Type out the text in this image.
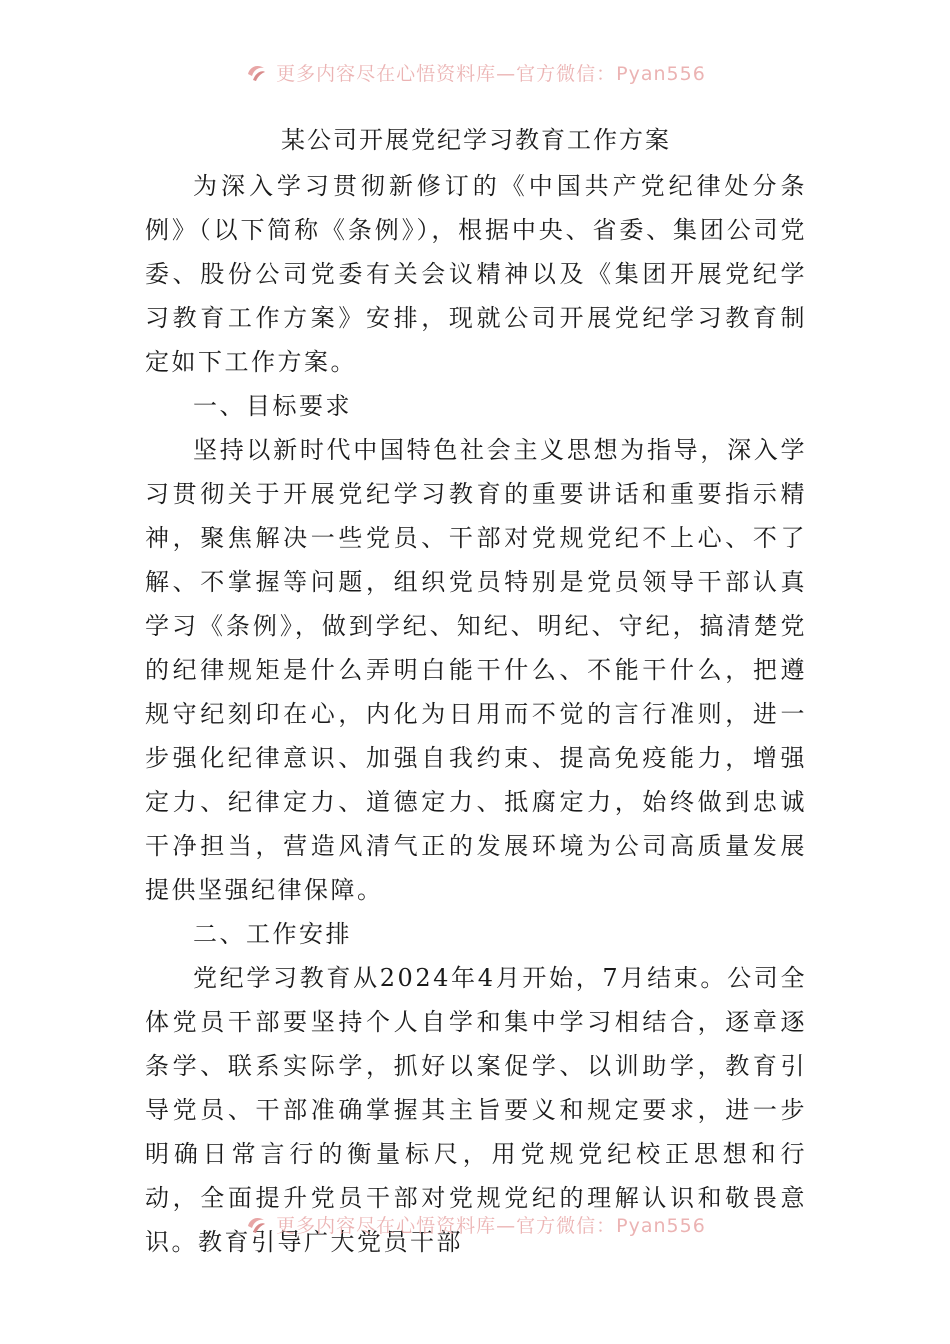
更多内容尽在心悟资料库—官方微信：Pyan556
某公司开展党纪学习教育工作方案

为深入学习贯彻新修订的《中国共产党纪律处分条例》（以下简称《条例》），根据中央、省委、集团公司党委、股份公司党委有关会议精神以及《集团开展党纪学习教育工作方案》安排，现就公司开展党纪学习教育制定如下工作方案。

一、目标要求

坚持以新时代中国特色社会主义思想为指导，深入学习贯彻关于开展党纪学习教育的重要讲话和重要指示精神，聚焦解决一些党员、干部对党规党纪不上心、不了解、不掌握等问题，组织党员特别是党员领导干部认真学习《条例》，做到学纪、知纪、明纪、守纪，搞清楚党的纪律规矩是什么弄明白能干什么、不能干什么，把遵规守纪刻印在心，内化为日用而不觉的言行准则，进一步强化纪律意识、加强自我约束、提高免疫能力，增强定力、纪律定力、道德定力、抵腐定力，始终做到忠诚干净担当，营造风清气正的发展环境为公司高质量发展提供坚强纪律保障。

二、工作安排

党纪学习教育从2024年4月开始，7月结束。公司全体党员干部要坚持个人自学和集中学习相结合，逐章逐条学、联系实际学，抓好以案促学、以训助学，教育引导党员、干部准确掌握其主旨要义和规定要求，进一步明确日常言行的衡量标尺，用党规党纪校正思想和行动，全面提升党员干部对党规党纪的理解认识和敬畏意识。教育引导广大党员干部

更多内容尽在心悟资料库—官方微信：Pyan556
